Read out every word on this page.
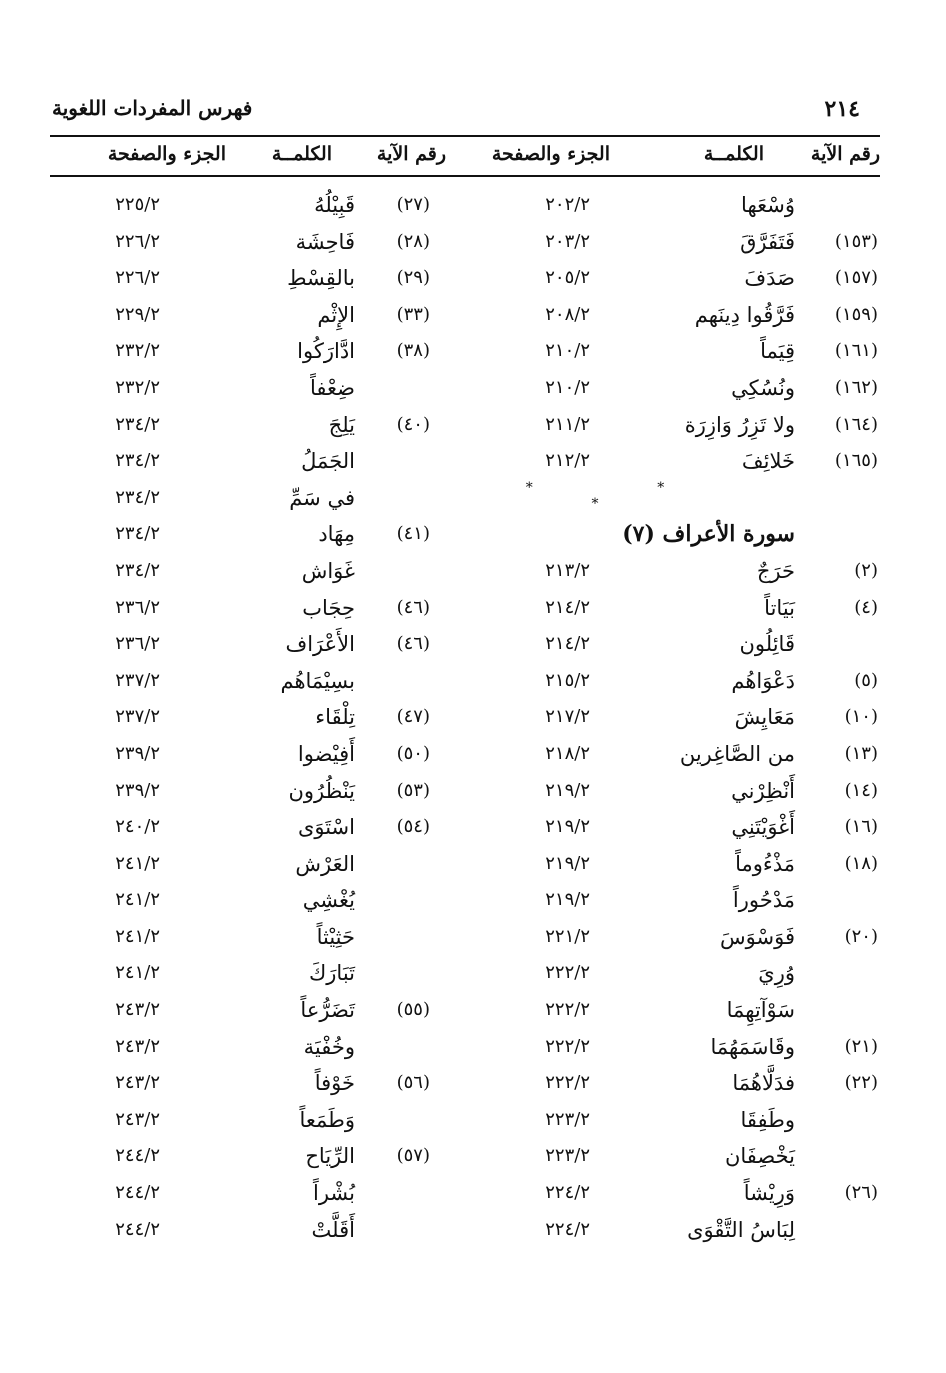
٢١٤
فهرس المفردات اللغوية
رقم الآية
الكلمــة
الجزء والصفحة
رقم الآية
الكلمــة
الجزء والصفحة
وُسْعَها
٢٠٢/٢
(١٥٣)
فَتَفَرَّقَ
٢٠٣/٢
(١٥٧)
صَدَفَ
٢٠٥/٢
(١٥٩)
فَرَّقُوا دِينَهم
٢٠٨/٢
(١٦١)
قِيَماً
٢١٠/٢
(١٦٢)
ونُسُكِي
٢١٠/٢
(١٦٤)
ولا تَزِرُ وَازِرَة
٢١١/٢
(١٦٥)
خَلائِفَ
٢١٢/٢
* * *
سورة الأعراف (٧)
(٢)
حَرَجٌ
٢١٣/٢
(٤)
بَيَاتاً
٢١٤/٢
قَائِلُون
٢١٤/٢
(٥)
دَعْوَاهُم
٢١٥/٢
(١٠)
مَعَايِشَ
٢١٧/٢
(١٣)
من الصَّاغِرين
٢١٨/٢
(١٤)
أَنْظِرْني
٢١٩/٢
(١٦)
أَغْوَيْتَنِي
٢١٩/٢
(١٨)
مَذْءُوماً
٢١٩/٢
مَدْحُوراً
٢١٩/٢
(٢٠)
فَوَسْوَسَ
٢٢١/٢
وُرِيَ
٢٢٢/٢
سَوْآتِهِمَا
٢٢٢/٢
(٢١)
وقَاسَمَهُمَا
٢٢٢/٢
(٢٢)
فدَلَّاهُمَا
٢٢٢/٢
وطَفِقَا
٢٢٣/٢
يَخْصِفَان
٢٢٣/٢
(٢٦)
وَرِيْشاً
٢٢٤/٢
لِبَاسُ التَّقْوَى
٢٢٤/٢
(٢٧)
قَبِيْلُهُ
٢٢٥/٢
(٢٨)
فَاحِشَة
٢٢٦/٢
(٢٩)
بالقِسْطِ
٢٢٦/٢
(٣٣)
الإِثْم
٢٢٩/٢
(٣٨)
ادَّارَكُوا
٢٣٢/٢
ضِعْفاً
٢٣٢/٢
(٤٠)
يَلِجَ
٢٣٤/٢
الجَمَلُ
٢٣٤/٢
في سَمِّ
٢٣٤/٢
(٤١)
مِهَاد
٢٣٤/٢
غَوَاش
٢٣٤/٢
(٤٦)
حِجَاب
٢٣٦/٢
(٤٦)
الأَعْرَاف
٢٣٦/٢
بسِيْمَاهُم
٢٣٧/٢
(٤٧)
تِلْقَاء
٢٣٧/٢
(٥٠)
أَفِيْضوا
٢٣٩/٢
(٥٣)
يَنْظُرُون
٢٣٩/٢
(٥٤)
اسْتَوَى
٢٤٠/٢
العَرْش
٢٤١/٢
يُغْشِي
٢٤١/٢
حَثِيْثاً
٢٤١/٢
تَبَارَكَ
٢٤١/٢
(٥٥)
تَضَرُّعاً
٢٤٣/٢
وخُفْيَة
٢٤٣/٢
(٥٦)
خَوْفاً
٢٤٣/٢
وَطَمَعاً
٢٤٣/٢
(٥٧)
الرِّيَاح
٢٤٤/٢
بُشْراً
٢٤٤/٢
أَقَلَّتْ
٢٤٤/٢
